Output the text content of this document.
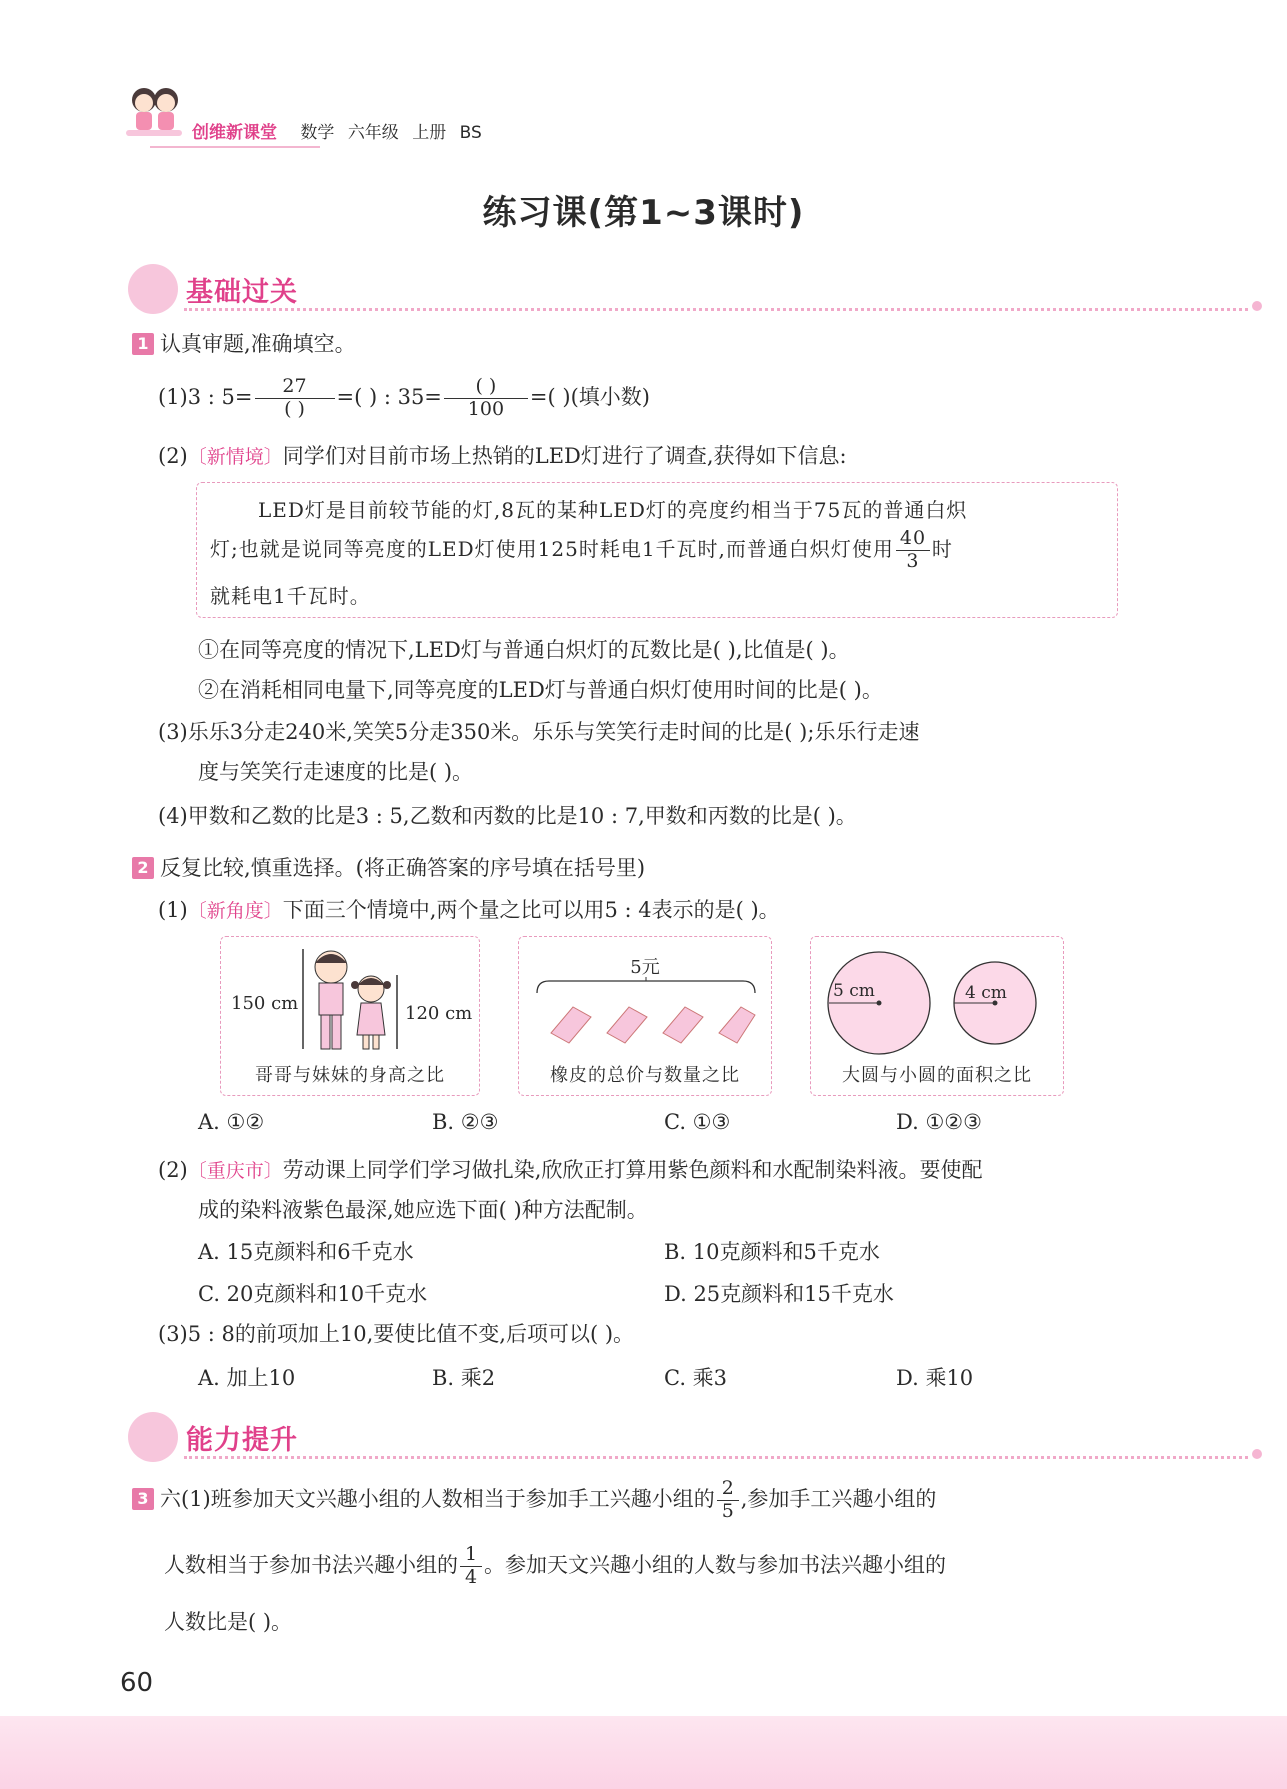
创维新课堂 数学 六年级 上册 BS
练习课(第1~3课时)
基础过关
1 认真审题,准确填空。
(1)3 : $5= \frac{27}{( )}$ =( ) : $35= \frac{( )}{100}$ =( )(填小数)
(2)〔新情境〕同学们对目前市场上热销的LED灯进行了调查,获得如下信息:
LED灯是目前较节能的灯,8瓦的某种LED灯的亮度约相当于75瓦的普通白炽
灯;也就是说同等亮度的LED灯使用125时耗电1千瓦时,而普通白炽灯使用 $\frac{40}{3}$ 时
就耗电1千瓦时。
①在同等亮度的情况下,LED灯与普通白炽灯的瓦数比是( ),比值是( )。
②在消耗相同电量下,同等亮度的LED灯与普通白炽灯使用时间的比是( )。
(3)乐乐3分走240米,笑笑5分走350米。乐乐与笑笑行走时间的比是( );乐乐行走速
度与笑笑行走速度的比是( )。
(4)甲数和乙数的比是3 : 5,乙数和丙数的比是10 : 7,甲数和丙数的比是( )。
2 反复比较,慎重选择。(将正确答案的序号填在括号里)
(1)〔新角度〕下面三个情境中,两个量之比可以用5 : 4表示的是( )。
150 cm	120 cm
哥哥与妹妹的身高之比
5元
橡皮的总价与数量之比
5 cm	4 cm
大圆与小圆的面积之比
A. ①②	B. ②③	C. ①③	D. ①②③
(2)〔重庆市〕劳动课上同学们学习做扎染,欣欣正打算用紫色颜料和水配制染料液。要使配
成的染料液紫色最深,她应选下面( )种方法配制。
A. 15克颜料和6千克水	B. 10克颜料和5千克水
C. 20克颜料和10千克水	D. 25克颜料和15千克水
(3)5 : 8的前项加上10,要使比值不变,后项可以( )。
A. 加上10	B. 乘2	C. 乘3	D. 乘10
能力提升
3 六(1)班参加天文兴趣小组的人数相当于参加手工兴趣小组的 $\frac{2}{5}$ ,参加手工兴趣小组的
人数相当于参加书法兴趣小组的 $\frac{1}{4}$ 。参加天文兴趣小组的人数与参加书法兴趣小组的
人数比是( )。
60
